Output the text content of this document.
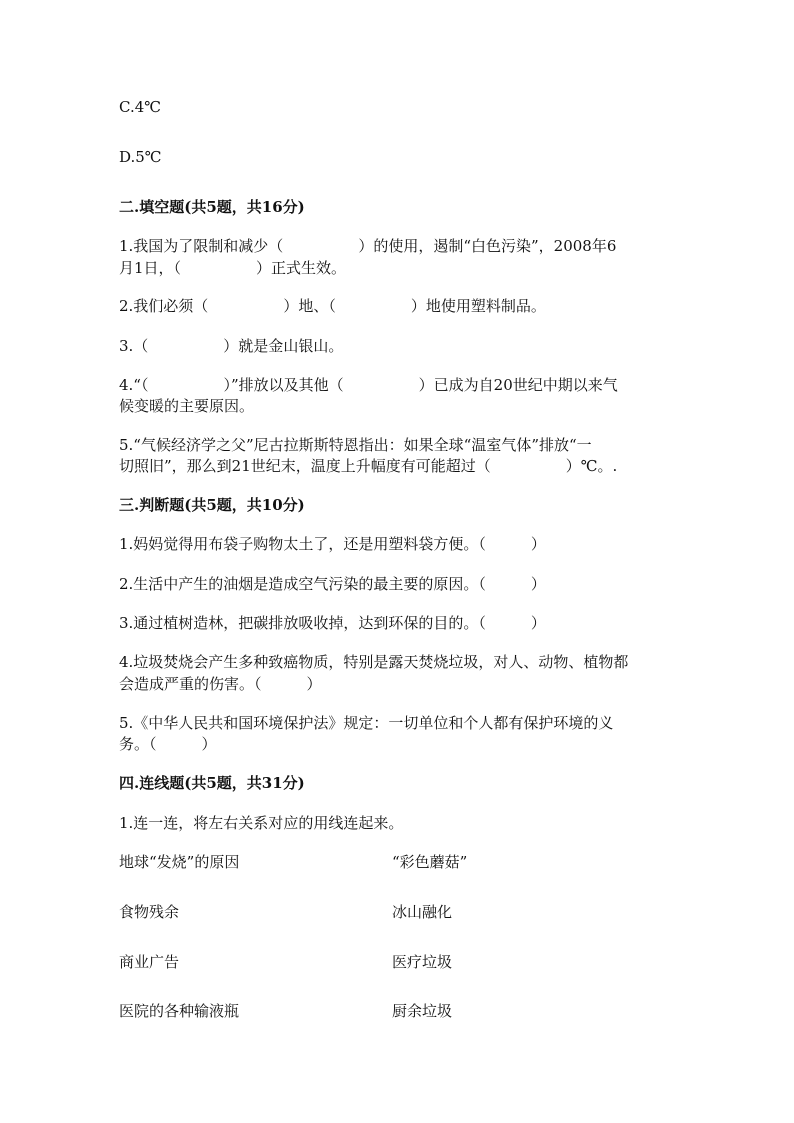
C.4℃
D.5℃
二.填空题(共5题，共16分)
1.我国为了限制和减少（　　　　　）的使用，遏制“白色污染”，2008年6
月1日，（　　　　　）正式生效。
2.我们必须（　　　　　）地、（　　　　　）地使用塑料制品。
3.（　　　　　）就是金山银山。
4.“（　　　　　）”排放以及其他（　　　　　）已成为自20世纪中期以来气
候变暖的主要原因。
5.“气候经济学之父”尼古拉斯斯特恩指出：如果全球“温室气体”排放“一
切照旧”，那么到21世纪末，温度上升幅度有可能超过（　　　　　）℃。.
三.判断题(共5题，共10分)
1.妈妈觉得用布袋子购物太土了，还是用塑料袋方便。（　　　）
2.生活中产生的油烟是造成空气污染的最主要的原因。（　　　）
3.通过植树造林，把碳排放吸收掉，达到环保的目的。（　　　）
4.垃圾焚烧会产生多种致癌物质，特别是露天焚烧垃圾，对人、动物、植物都
会造成严重的伤害。（　　　）
5.《中华人民共和国环境保护法》规定：一切单位和个人都有保护环境的义
务。（　　　）
四.连线题(共5题，共31分)
1.连一连，将左右关系对应的用线连起来。
地球“发烧”的原因	“彩色蘑菇”
食物残余	冰山融化
商业广告	医疗垃圾
医院的各种输液瓶	厨余垃圾
